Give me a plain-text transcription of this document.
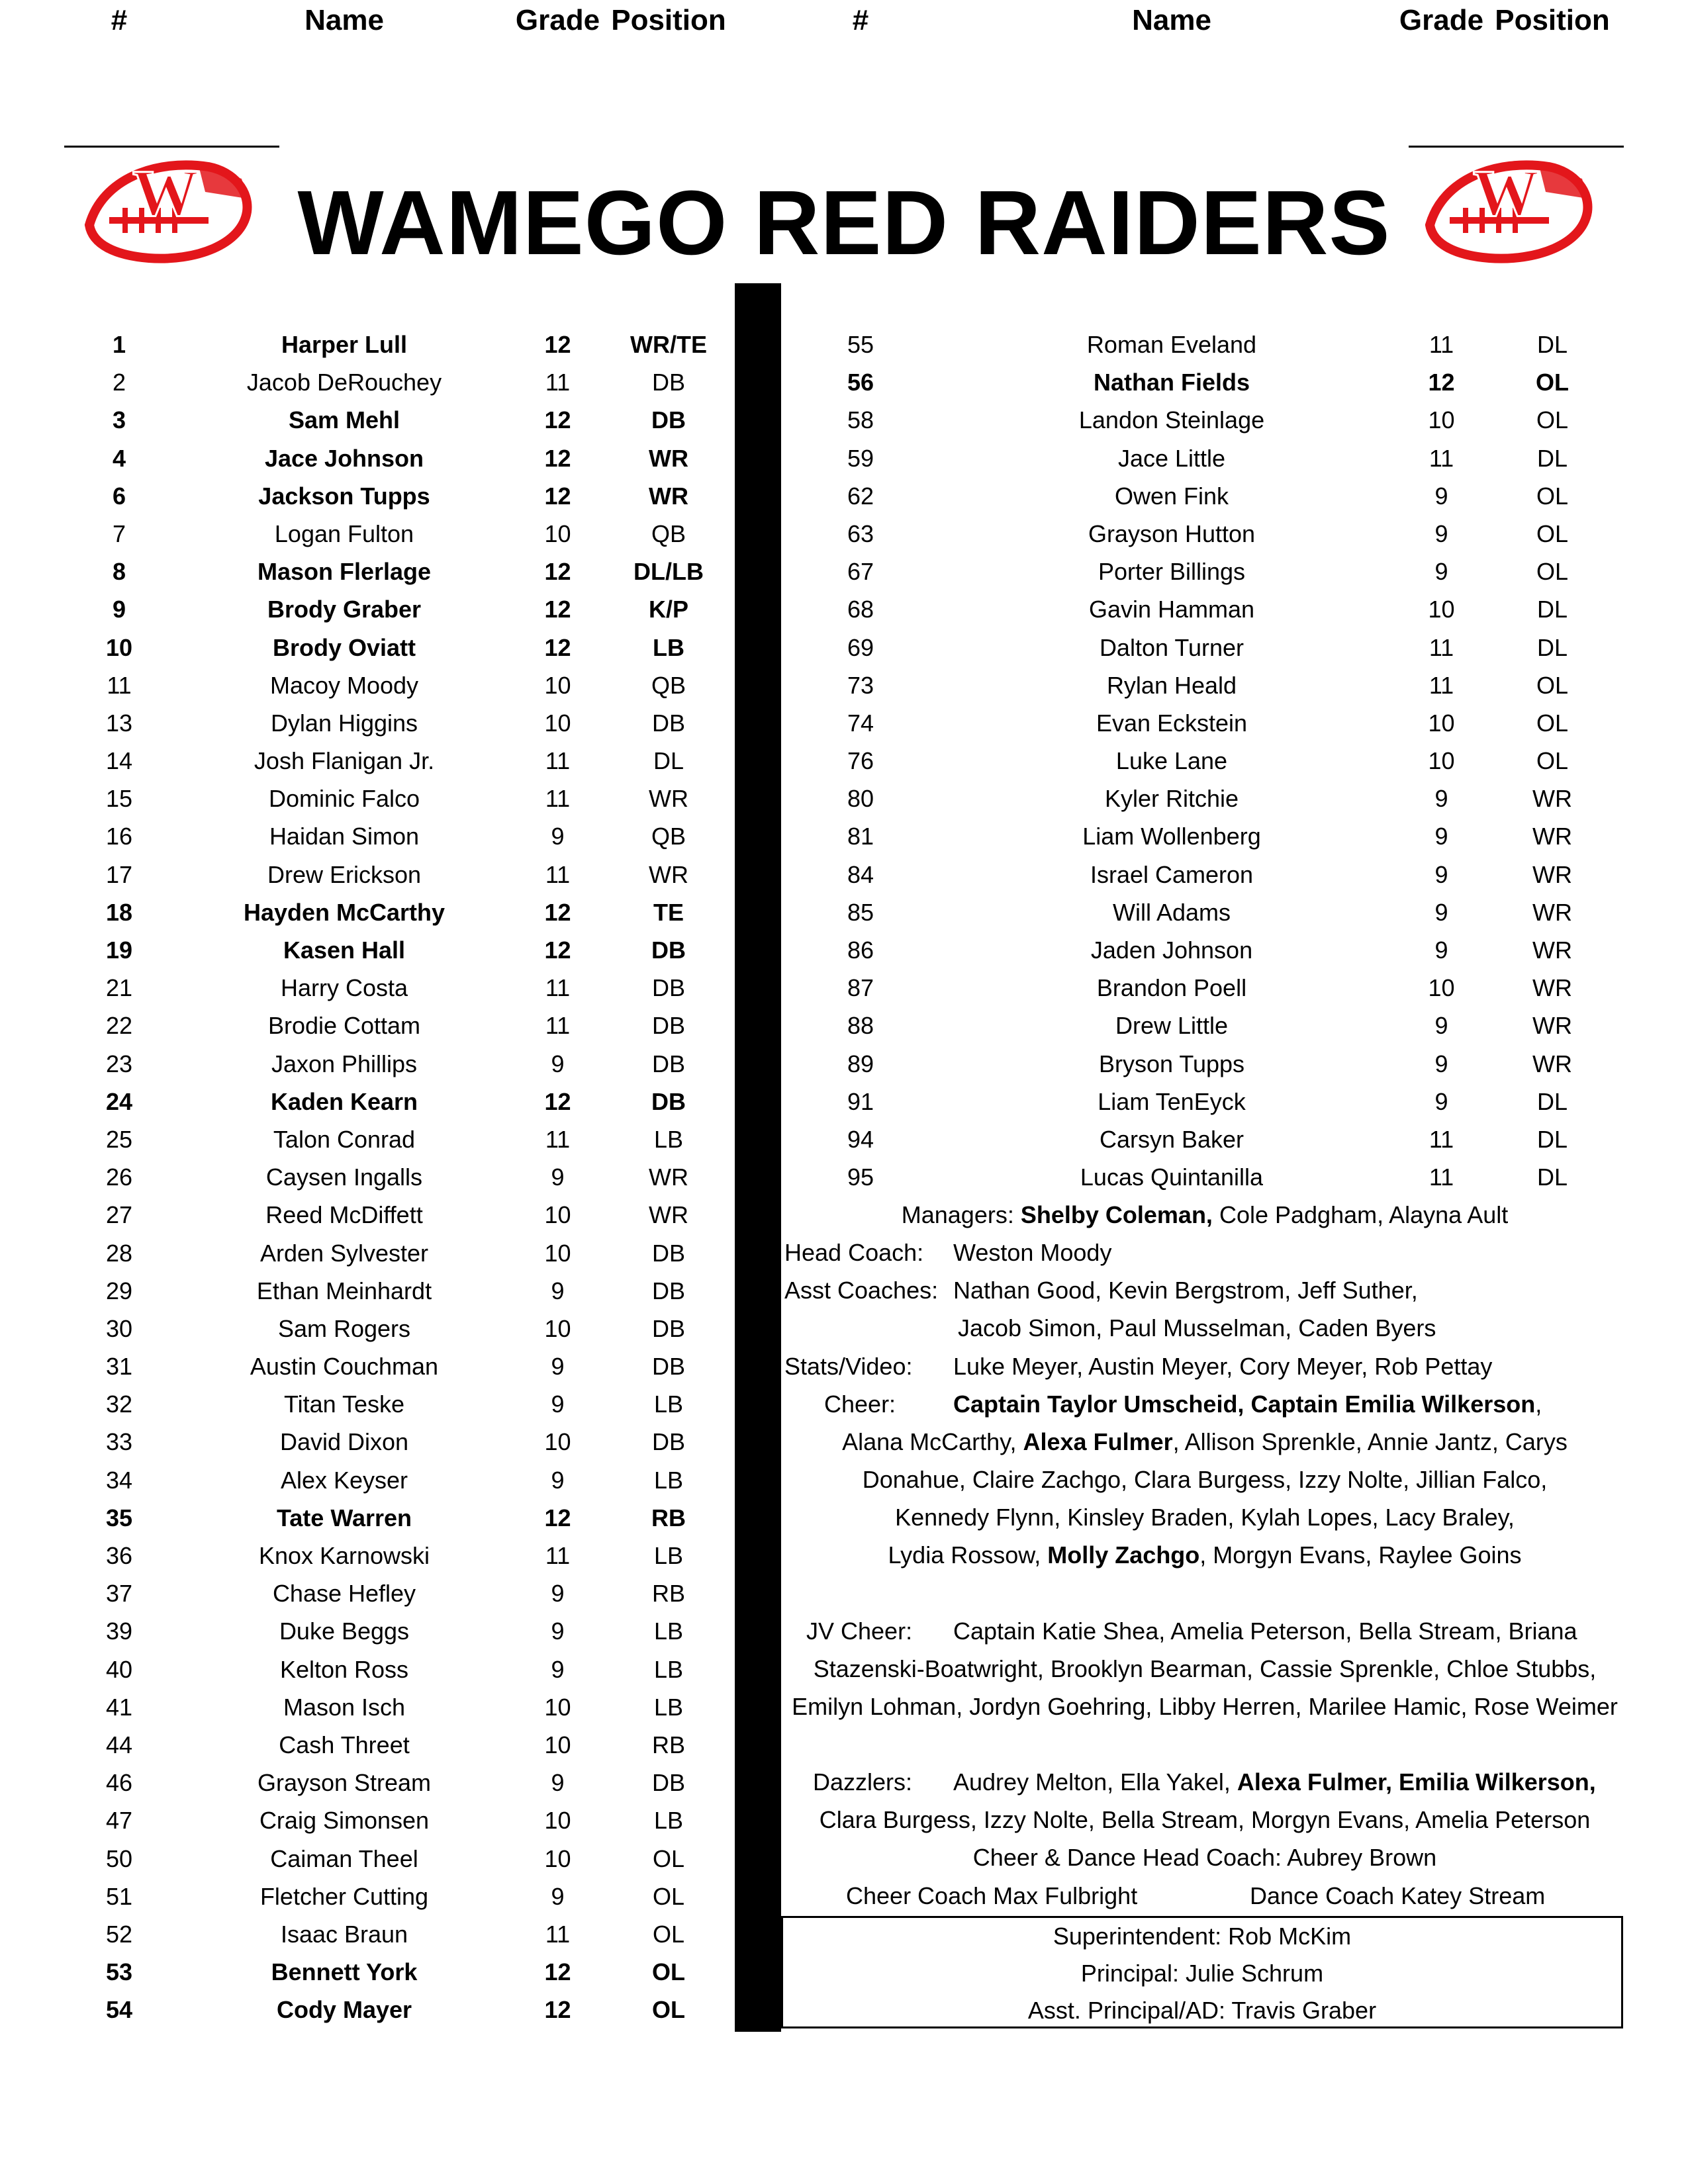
W	W
WAMEGO RED RAIDERS
#	Name	Grade Position	#	Name	Grade Position
1	Harper Lull	12	WR/TE
2	Jacob DeRouchey	11	DB
3	Sam Mehl	12	DB
4	Jace Johnson	12	WR
6	Jackson Tupps	12	WR
7	Logan Fulton	10	QB
8	Mason Flerlage	12	DL/LB
9	Brody Graber	12	K/P
10	Brody Oviatt	12	LB
11	Macoy Moody	10	QB
13	Dylan Higgins	10	DB
14	Josh Flanigan Jr.	11	DL
15	Dominic Falco	11	WR
16	Haidan Simon	9	QB
17	Drew Erickson	11	WR
18	Hayden McCarthy	12	TE
19	Kasen Hall	12	DB
21	Harry Costa	11	DB
22	Brodie Cottam	11	DB
23	Jaxon Phillips	9	DB
24	Kaden Kearn	12	DB
25	Talon Conrad	11	LB
26	Caysen Ingalls	9	WR
27	Reed McDiffett	10	WR
28	Arden Sylvester	10	DB
29	Ethan Meinhardt	9	DB
30	Sam Rogers	10	DB
31	Austin Couchman	9	DB
32	Titan Teske	9	LB
33	David Dixon	10	DB
34	Alex Keyser	9	LB
35	Tate Warren	12	RB
36	Knox Karnowski	11	LB
37	Chase Hefley	9	RB
39	Duke Beggs	9	LB
40	Kelton Ross	9	LB
41	Mason Isch	10	LB
44	Cash Threet	10	RB
46	Grayson Stream	9	DB
47	Craig Simonsen	10	LB
50	Caiman Theel	10	OL
51	Fletcher Cutting	9	OL
52	Isaac Braun	11	OL
53	Bennett York	12	OL
54	Cody Mayer	12	OL
55	Roman Eveland	11	DL
56	Nathan Fields	12	OL
58	Landon Steinlage	10	OL
59	Jace Little	11	DL
62	Owen Fink	9	OL
63	Grayson Hutton	9	OL
67	Porter Billings	9	OL
68	Gavin Hamman	10	DL
69	Dalton Turner	11	DL
73	Rylan Heald	11	OL
74	Evan Eckstein	10	OL
76	Luke Lane	10	OL
80	Kyler Ritchie	9	WR
81	Liam Wollenberg	9	WR
84	Israel Cameron	9	WR
85	Will Adams	9	WR
86	Jaden Johnson	9	WR
87	Brandon Poell	10	WR
88	Drew Little	9	WR
89	Bryson Tupps	9	WR
91	Liam TenEyck	9	DL
94	Carsyn Baker	11	DL
95	Lucas Quintanilla	11	DL
Managers: Shelby Coleman, Cole Padgham, Alayna Ault
Head Coach: Weston Moody
Asst Coaches: Nathan Good, Kevin Bergstrom, Jeff Suther,
Jacob Simon, Paul Musselman, Caden Byers
Stats/Video: Luke Meyer, Austin Meyer, Cory Meyer, Rob Pettay
Cheer: Captain Taylor Umscheid, Captain Emilia Wilkerson,
Alana McCarthy, Alexa Fulmer, Allison Sprenkle, Annie Jantz, Carys
Donahue, Claire Zachgo, Clara Burgess, Izzy Nolte, Jillian Falco,
Kennedy Flynn, Kinsley Braden, Kylah Lopes, Lacy Braley,
Lydia Rossow, Molly Zachgo, Morgyn Evans, Raylee Goins
JV Cheer: Captain Katie Shea, Amelia Peterson, Bella Stream, Briana
Stazenski-Boatwright, Brooklyn Bearman, Cassie Sprenkle, Chloe Stubbs,
Emilyn Lohman, Jordyn Goehring, Libby Herren, Marilee Hamic, Rose Weimer
Dazzlers: Audrey Melton, Ella Yakel, Alexa Fulmer, Emilia Wilkerson,
Clara Burgess, Izzy Nolte, Bella Stream, Morgyn Evans, Amelia Peterson
Cheer & Dance Head Coach: Aubrey Brown
Cheer Coach Max Fulbright	Dance Coach Katey Stream
Superintendent: Rob McKim
Principal: Julie Schrum
Asst. Principal/AD: Travis Graber
